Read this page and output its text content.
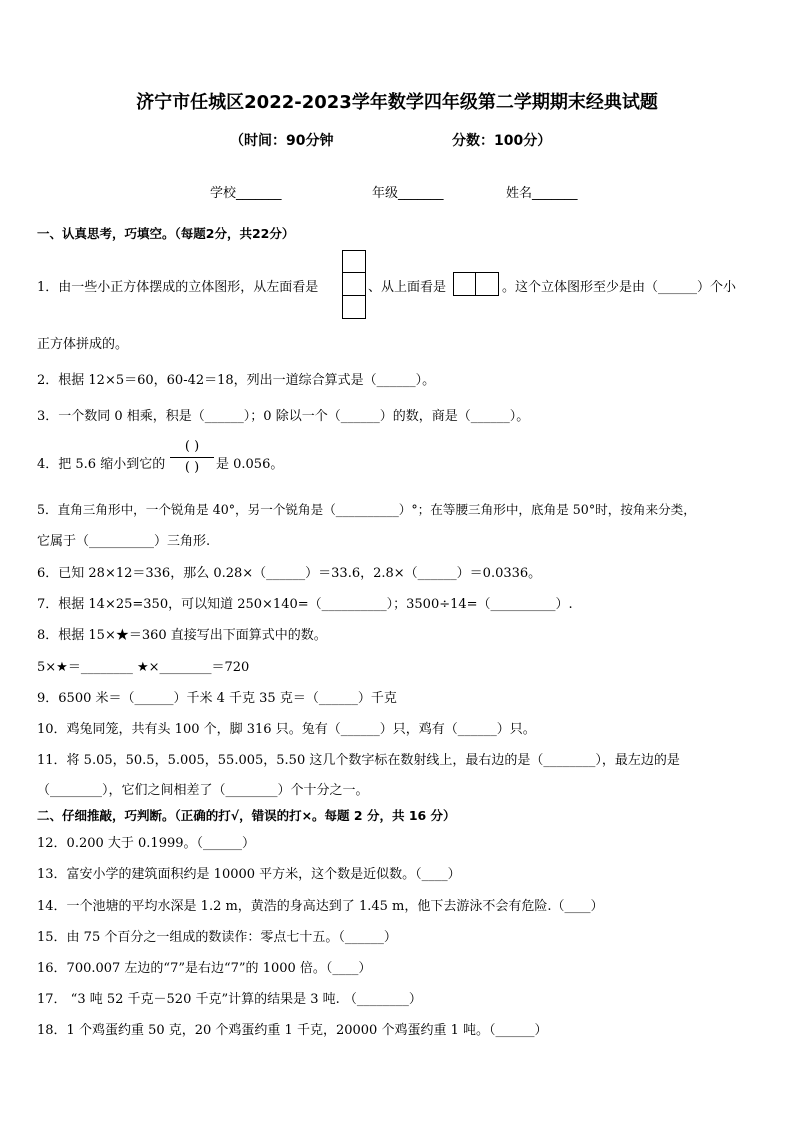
济宁市任城区2022-2023学年数学四年级第二学期期末经典试题
（时间：90分钟	分数：100分）
学校_______	年级_______	姓名_______
一、认真思考，巧填空。（每题2分，共22分）
1．由一些小正方体摆成的立体图形，从左面看是	、从上面看是	。这个立体图形至少是由（______）个小
正方体拼成的。
2．根据 12×5＝60，60-42＝18，列出一道综合算式是（______）。
3．一个数同 0 相乘，积是（______）；0 除以一个（______）的数，商是（______）。
4．把 5.6 缩小到它的
( )
( )	是 0.056。
5．直角三角形中，一个锐角是 40°，另一个锐角是（__________）°；在等腰三角形中，底角是 50°时，按角来分类，
它属于（__________）三角形.
6．已知 28×12＝336，那么 0.28×（______）＝33.6，2.8×（______）＝0.0336。
7．根据 14×25=350，可以知道 250×140=（__________）；3500÷14=（__________）.
8．根据 15×★＝360 直接写出下面算式中的数。
5×★＝________ ★×________＝720
9．6500 米＝（______）千米 4 千克 35 克＝（______）千克
10．鸡兔同笼，共有头 100 个，脚 316 只。兔有（______）只，鸡有（______）只。
11．将 5.05，50.5，5.005，55.005，5.50 这几个数字标在数射线上，最右边的是（________），最左边的是
（________），它们之间相差了（________）个十分之一。
二、仔细推敲，巧判断。（正确的打√，错误的打×。每题 2 分，共 16 分）
12．0.200 大于 0.1999。（______）
13．富安小学的建筑面积约是 10000 平方米，这个数是近似数。（____）
14．一个池塘的平均水深是 1.2 m，黄浩的身高达到了 1.45 m，他下去游泳不会有危险.（____）
15．由 75 个百分之一组成的数读作：零点七十五。（______）
16．700.007 左边的“7”是右边“7”的 1000 倍。（____）
17． “3 吨 52 千克－520 千克”计算的结果是 3 吨. （________）
18．1 个鸡蛋约重 50 克，20 个鸡蛋约重 1 千克，20000 个鸡蛋约重 1 吨。（______）
